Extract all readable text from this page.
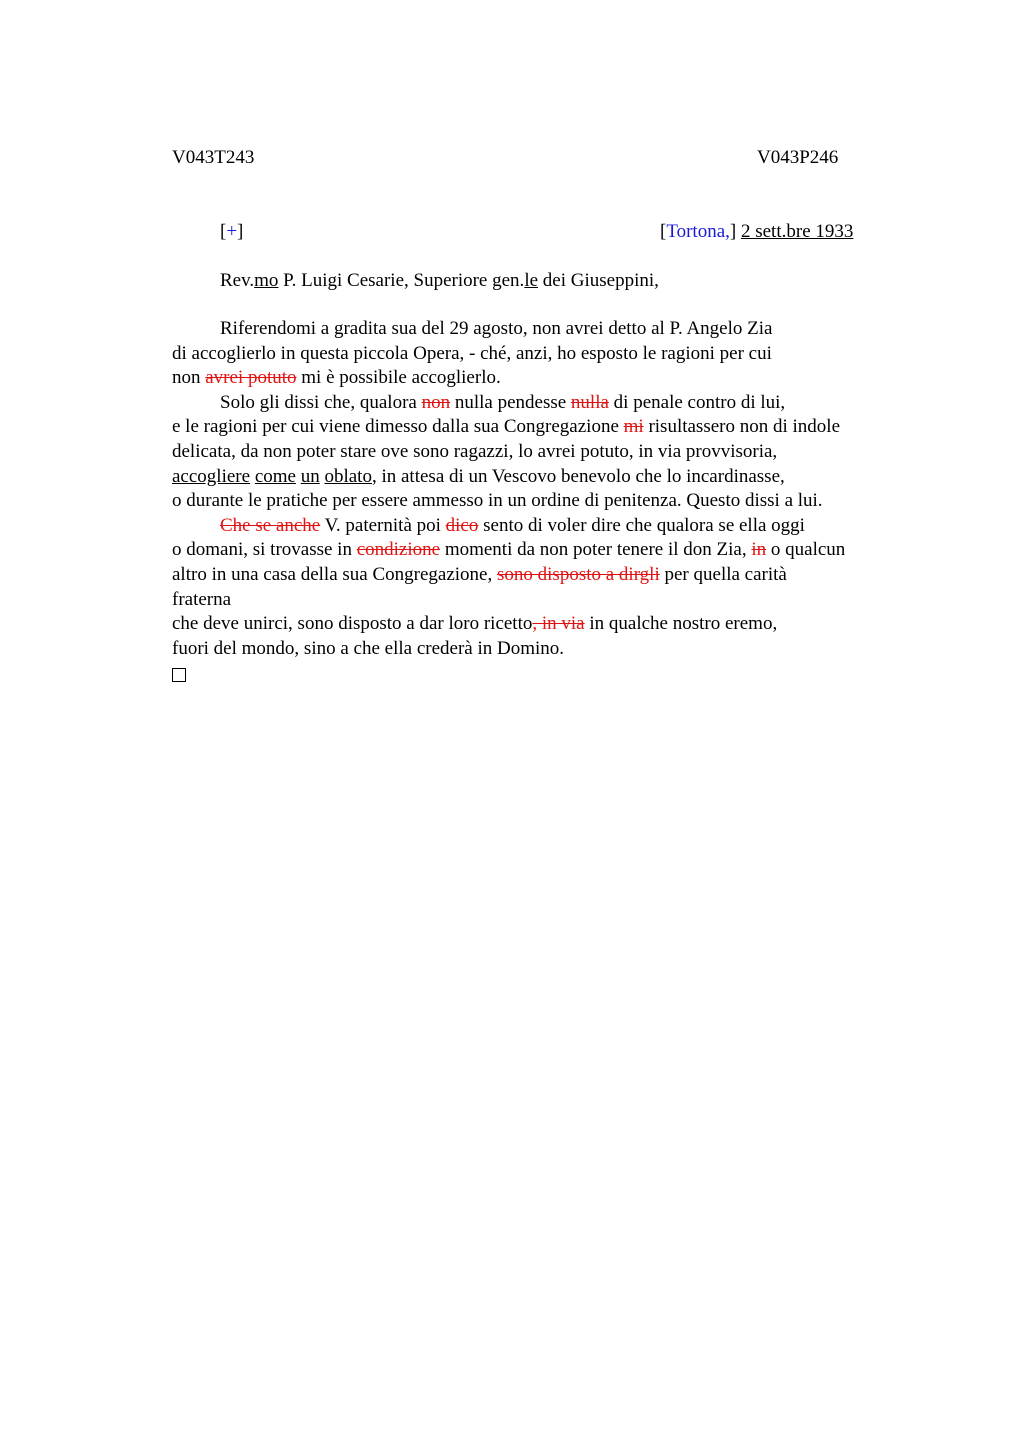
V043T243	V043P246
[+]	[Tortona,] 2 sett.bre 1933
Rev.mo P. Luigi Cesarie, Superiore gen.le dei Giuseppini,
Riferendomi a gradita sua del 29 agosto, non avrei detto al P. Angelo Zia
di accoglierlo in questa piccola Opera, - ché, anzi, ho esposto le ragioni per cui
non avrei potuto mi è possibile accoglierlo.
Solo gli dissi che, qualora non nulla pendesse nulla di penale contro di lui,
e le ragioni per cui viene dimesso dalla sua Congregazione mi risultassero non di indole
delicata, da non poter stare ove sono ragazzi, lo avrei potuto, in via provvisoria,
accogliere come un oblato, in attesa di un Vescovo benevolo che lo incardinasse,
o durante le pratiche per essere ammesso in un ordine di penitenza. Questo dissi a lui.
Che se anche V. paternità poi dico sento di voler dire che qualora se ella oggi
o domani, si trovasse in condizione momenti da non poter tenere il don Zia, in o qualcun
altro in una casa della sua Congregazione, sono disposto a dirgli per quella carità
fraterna
che deve unirci, sono disposto a dar loro ricetto, in via in qualche nostro eremo,
fuori del mondo, sino a che ella crederà in Domino.
